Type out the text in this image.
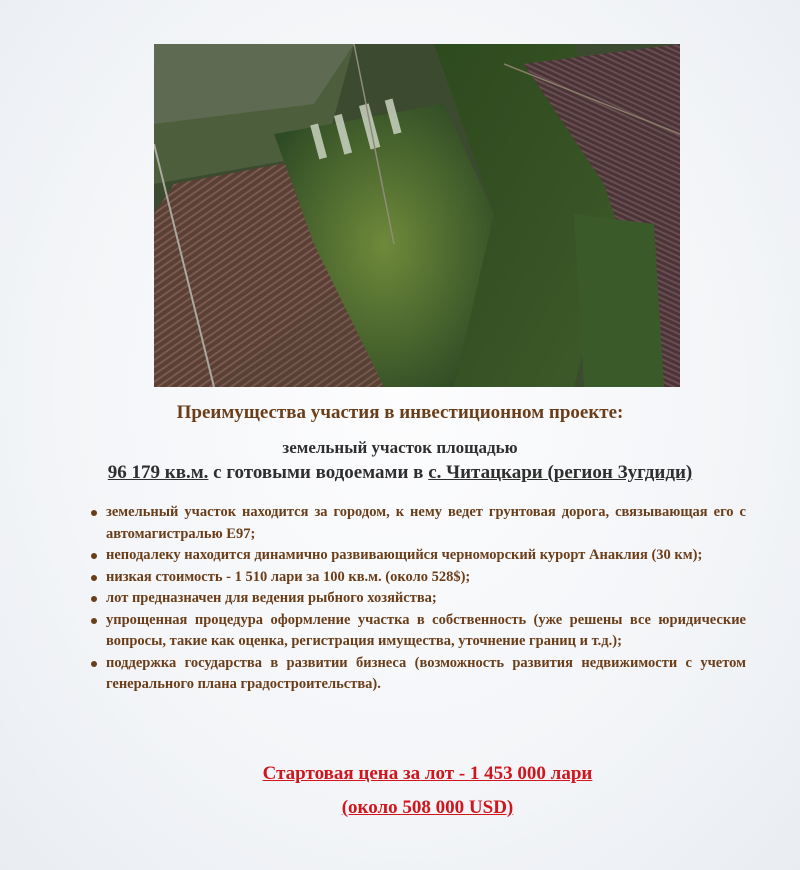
Преимущества участия в инвестиционном проекте:
земельный участок площадью
96 179 кв.м. с готовыми водоемами в с. Читацкари (регион Зугдиди)
земельный участок находится за городом, к нему ведет грунтовая дорога, связывающая его с автомагистралью Е97;
неподалеку находится динамично развивающийся черноморский курорт Анаклия (30 км);
низкая стоимость - 1 510 лари за 100 кв.м. (около 528$);
лот предназначен для ведения рыбного хозяйства;
упрощенная процедура оформление участка в собственность (уже решены все юридические вопросы, такие как оценка, регистрация имущества, уточнение границ и т.д.);
поддержка государства в развитии бизнеса (возможность развития недвижимости с учетом генерального плана градостроительства).
Стартовая цена за лот - 1 453 000 лари
(около 508 000 USD)
